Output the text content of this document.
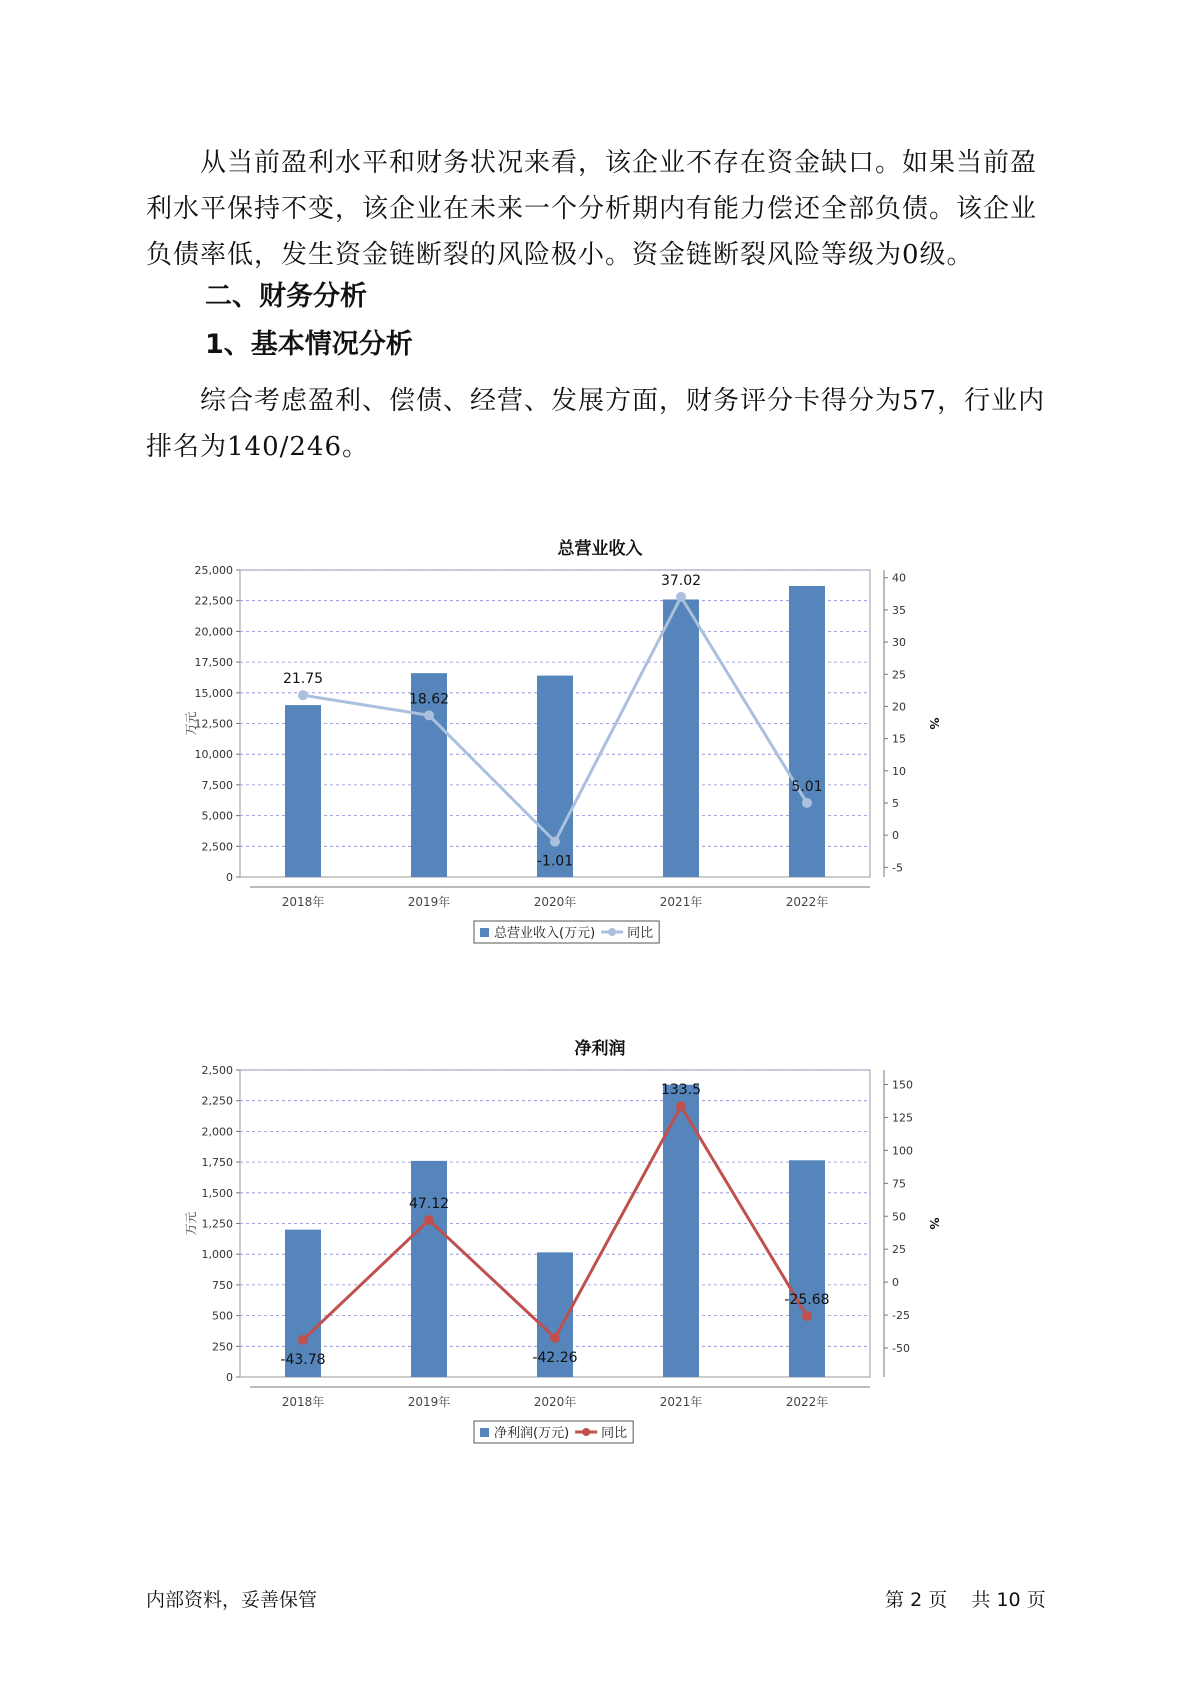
从当前盈利水平和财务状况来看，该企业不存在资金缺口。如果当前盈利水平保持不变，该企业在未来一个分析期内有能力偿还全部负债。该企业负债率低，发生资金链断裂的风险极小。资金链断裂风险等级为0级。

二、财务分析
1、基本情况分析

综合考虑盈利、偿债、经营、发展方面，财务评分卡得分为57，行业内排名为140/246。

总营业收入
0
2,500
5,000
7,500
10,000
12,500
15,000
17,500
20,000
22,500
25,000
-5
0
5
10
15
20
25
30
35
40
万元	%
2018年	2019年	2020年	2021年	2022年
21.75
18.62
-1.01
37.02
5.01
总营业收入(万元) 同比
净利润
0
250
500
750
1,000
1,250
1,500
1,750
2,000
2,250
2,500
-50
-25
0
25
50
75
100
125
150
万元	%
2018年	2019年	2020年	2021年	2022年
-43.78
47.12
-42.26
133.5
-25.68
净利润(万元) 同比
内部资料，妥善保管	第 2 页 共 10 页
